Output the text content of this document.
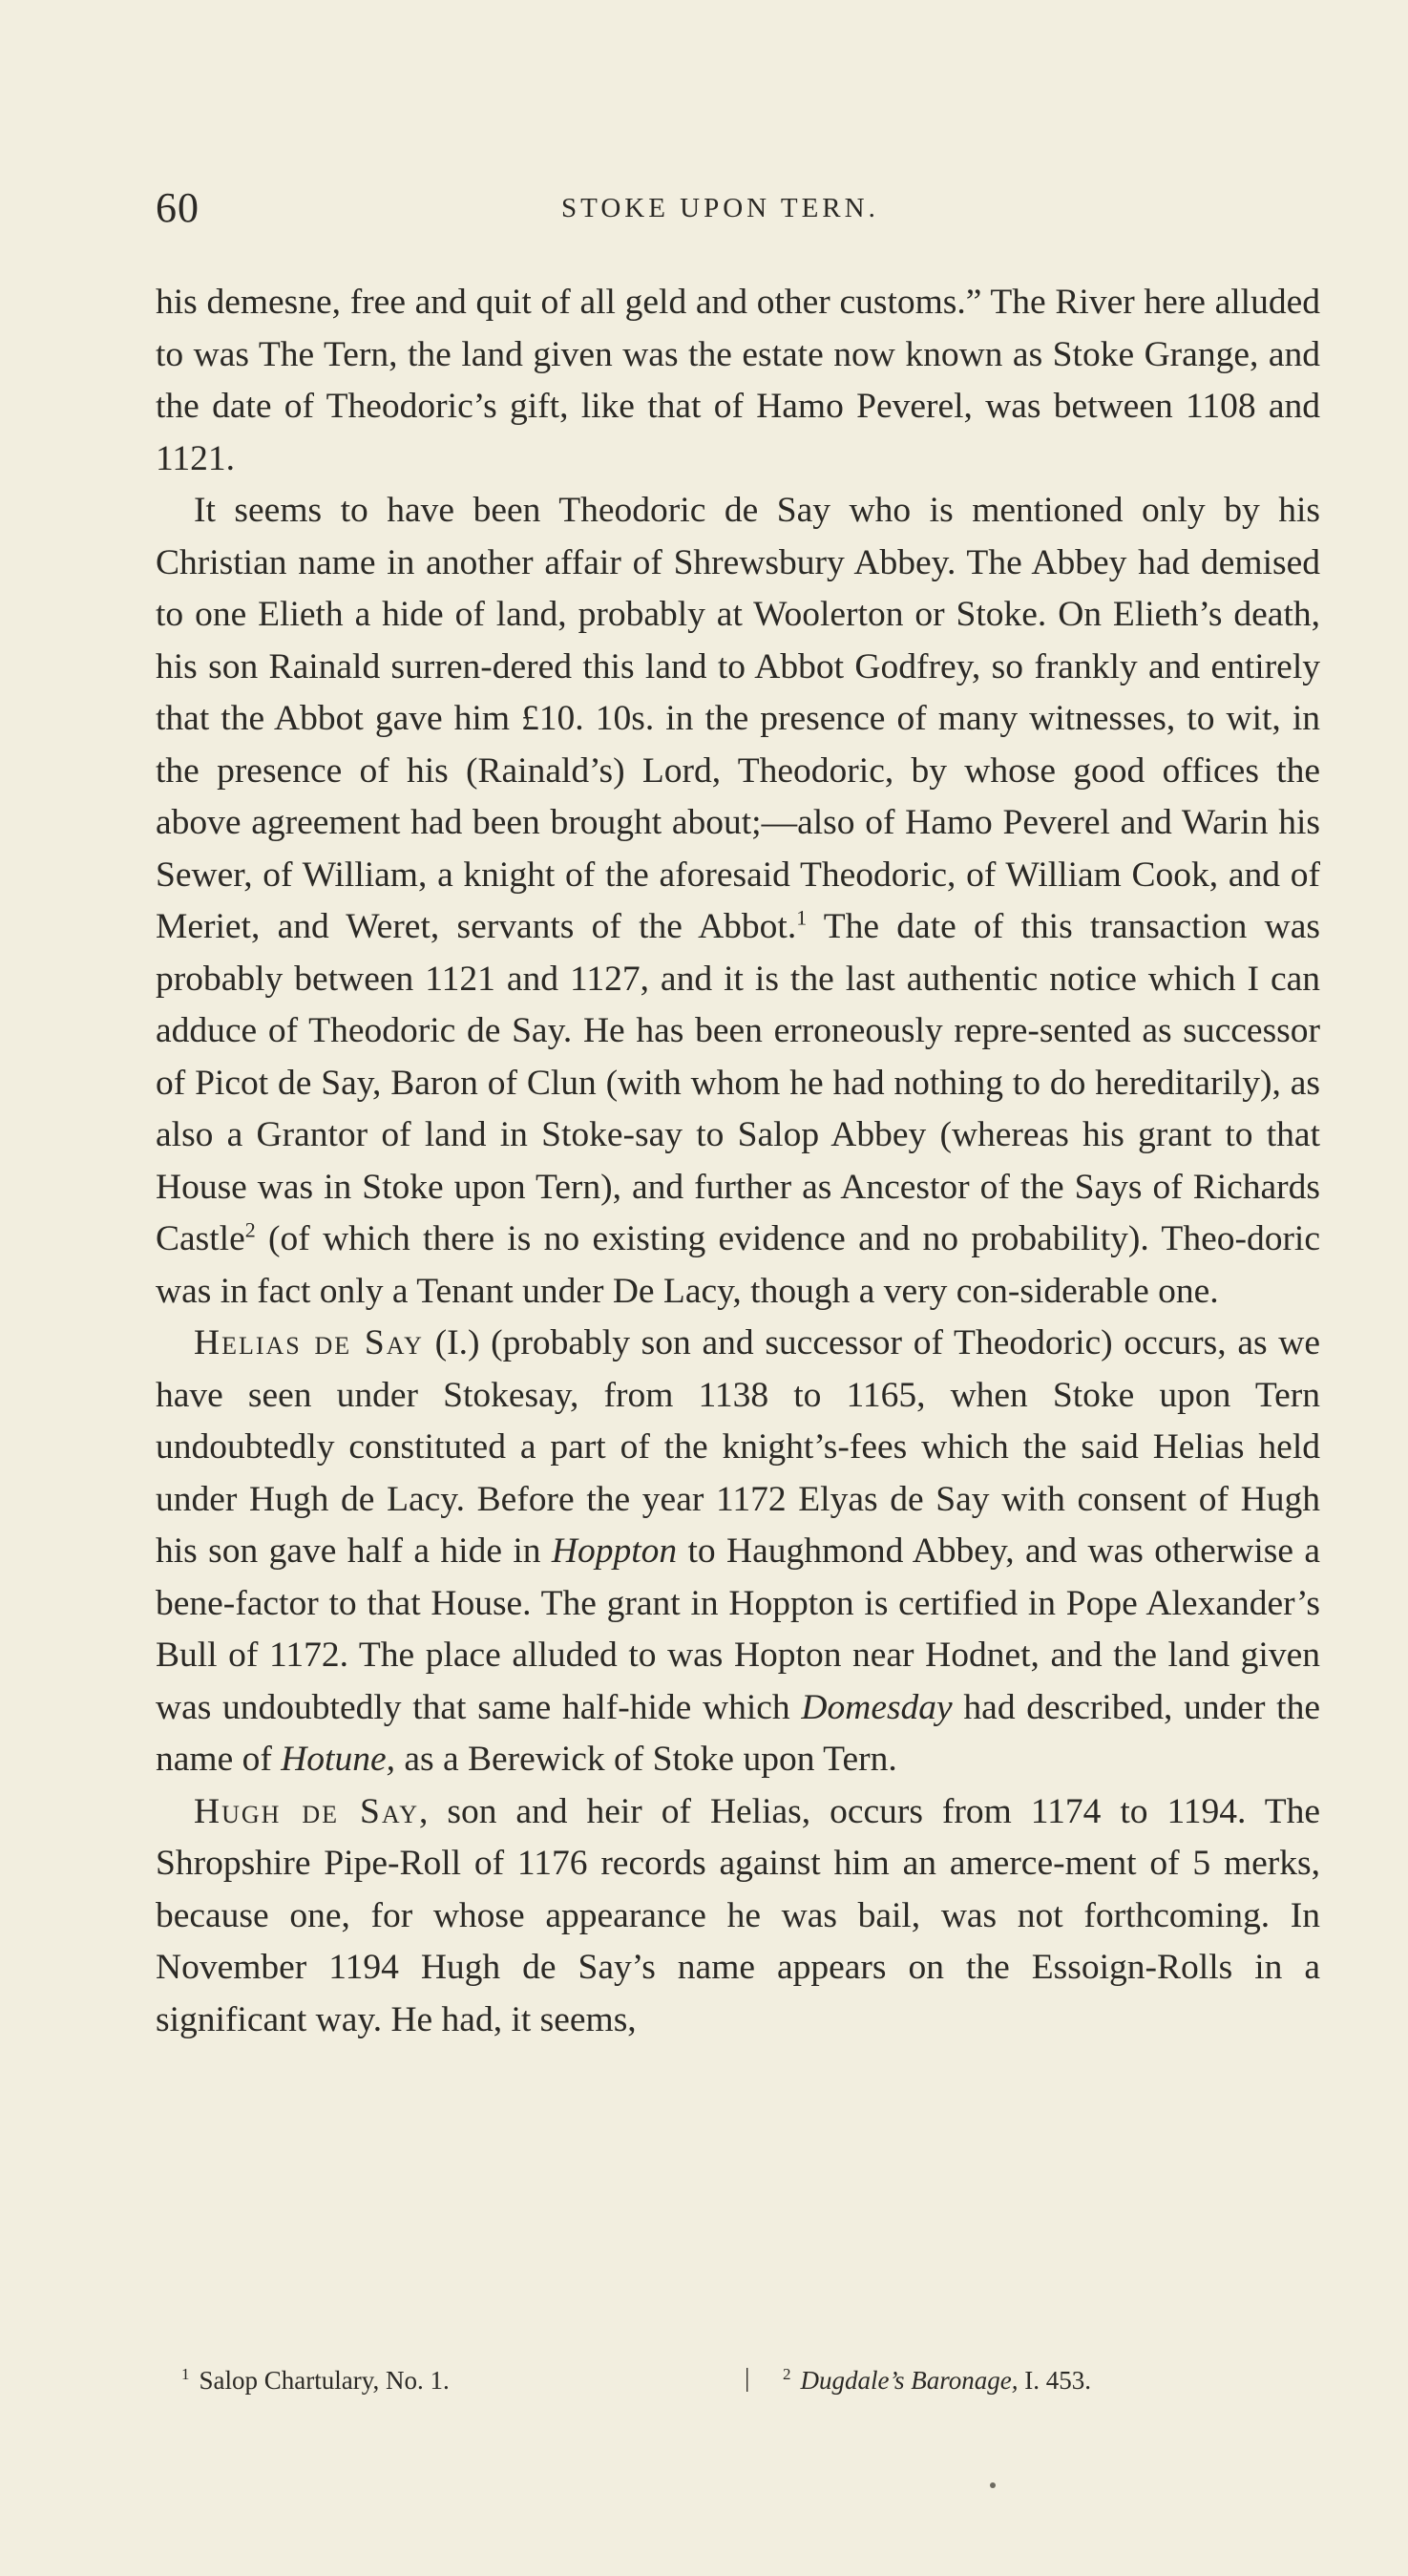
60	STOKE UPON TERN.

his demesne, free and quit of all geld and other customs.” The River here alluded to was The Tern, the land given was the estate now known as Stoke Grange, and the date of Theodoric’s gift, like that of Hamo Peverel, was between 1108 and 1121.

It seems to have been Theodoric de Say who is mentioned only by his Christian name in another affair of Shrewsbury Abbey. The Abbey had demised to one Elieth a hide of land, probably at Woolerton or Stoke. On Elieth’s death, his son Rainald surren-dered this land to Abbot Godfrey, so frankly and entirely that the Abbot gave him £10. 10s. in the presence of many witnesses, to wit, in the presence of his (Rainald’s) Lord, Theodoric, by whose good offices the above agreement had been brought about;—also of Hamo Peverel and Warin his Sewer, of William, a knight of the aforesaid Theodoric, of William Cook, and of Meriet, and Weret, servants of the Abbot.$^1$ The date of this transaction was probably between 1121 and 1127, and it is the last authentic notice which I can adduce of Theodoric de Say. He has been erroneously repre-sented as successor of Picot de Say, Baron of Clun (with whom he had nothing to do hereditarily), as also a Grantor of land in Stoke-say to Salop Abbey (whereas his grant to that House was in Stoke upon Tern), and further as Ancestor of the Says of Richards Castle$^2$ (of which there is no existing evidence and no probability). Theo-doric was in fact only a Tenant under De Lacy, though a very con-siderable one.

Helias de Say (I.) (probably son and successor of Theodoric) occurs, as we have seen under Stokesay, from 1138 to 1165, when Stoke upon Tern undoubtedly constituted a part of the knight’s-fees which the said Helias held under Hugh de Lacy. Before the year 1172 Elyas de Say with consent of Hugh his son gave half a hide in Hoppton to Haughmond Abbey, and was otherwise a bene-factor to that House. The grant in Hoppton is certified in Pope Alexander’s Bull of 1172. The place alluded to was Hopton near Hodnet, and the land given was undoubtedly that same half-hide which Domesday had described, under the name of Hotune, as a Berewick of Stoke upon Tern.

Hugh de Say, son and heir of Helias, occurs from 1174 to 1194. The Shropshire Pipe-Roll of 1176 records against him an amerce-ment of 5 merks, because one, for whose appearance he was bail, was not forthcoming. In November 1194 Hugh de Say’s name appears on the Essoign-Rolls in a significant way. He had, it seems,

$^1$ Salop Chartulary, No. 1.	| $^2$ Dugdale’s Baronage, I. 453.
